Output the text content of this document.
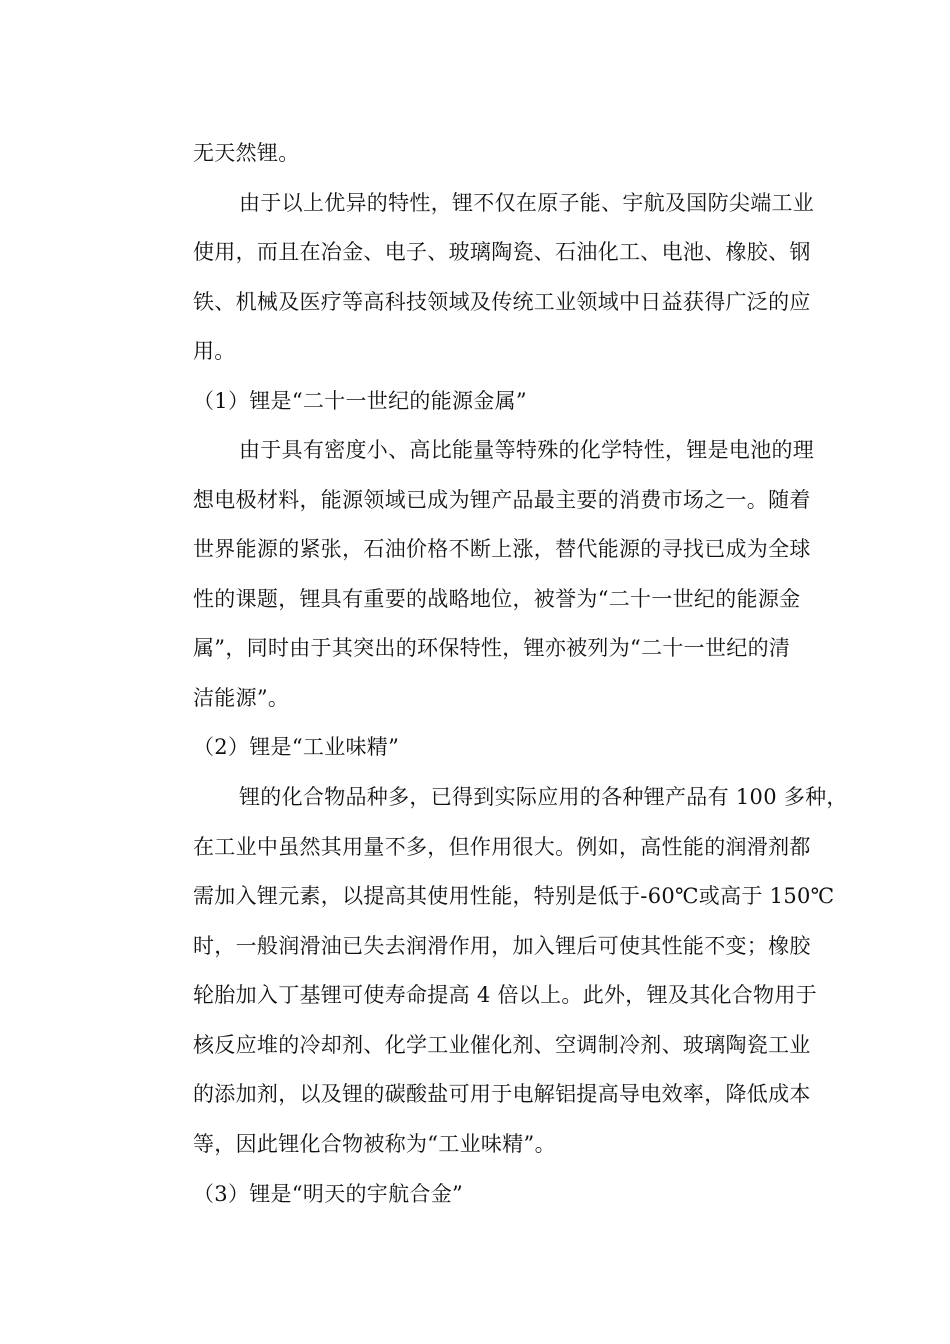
无天然锂。
由于以上优异的特性，锂不仅在原子能、宇航及国防尖端工业
使用，而且在冶金、电子、玻璃陶瓷、石油化工、电池、橡胶、钢
铁、机械及医疗等高科技领域及传统工业领域中日益获得广泛的应
用。
（1）锂是“二十一世纪的能源金属”
由于具有密度小、高比能量等特殊的化学特性，锂是电池的理
想电极材料，能源领域已成为锂产品最主要的消费市场之一。随着
世界能源的紧张，石油价格不断上涨，替代能源的寻找已成为全球
性的课题，锂具有重要的战略地位，被誉为“二十一世纪的能源金
属”，同时由于其突出的环保特性，锂亦被列为“二十一世纪的清
洁能源”。
（2）锂是“工业味精”
锂的化合物品种多，已得到实际应用的各种锂产品有 100 多种，
在工业中虽然其用量不多，但作用很大。例如，高性能的润滑剂都
需加入锂元素，以提高其使用性能，特别是低于-60℃或高于 150℃
时，一般润滑油已失去润滑作用，加入锂后可使其性能不变；橡胶
轮胎加入丁基锂可使寿命提高 4 倍以上。此外，锂及其化合物用于
核反应堆的冷却剂、化学工业催化剂、空调制冷剂、玻璃陶瓷工业
的添加剂，以及锂的碳酸盐可用于电解铝提高导电效率，降低成本
等，因此锂化合物被称为“工业味精”。
（3）锂是“明天的宇航合金”
